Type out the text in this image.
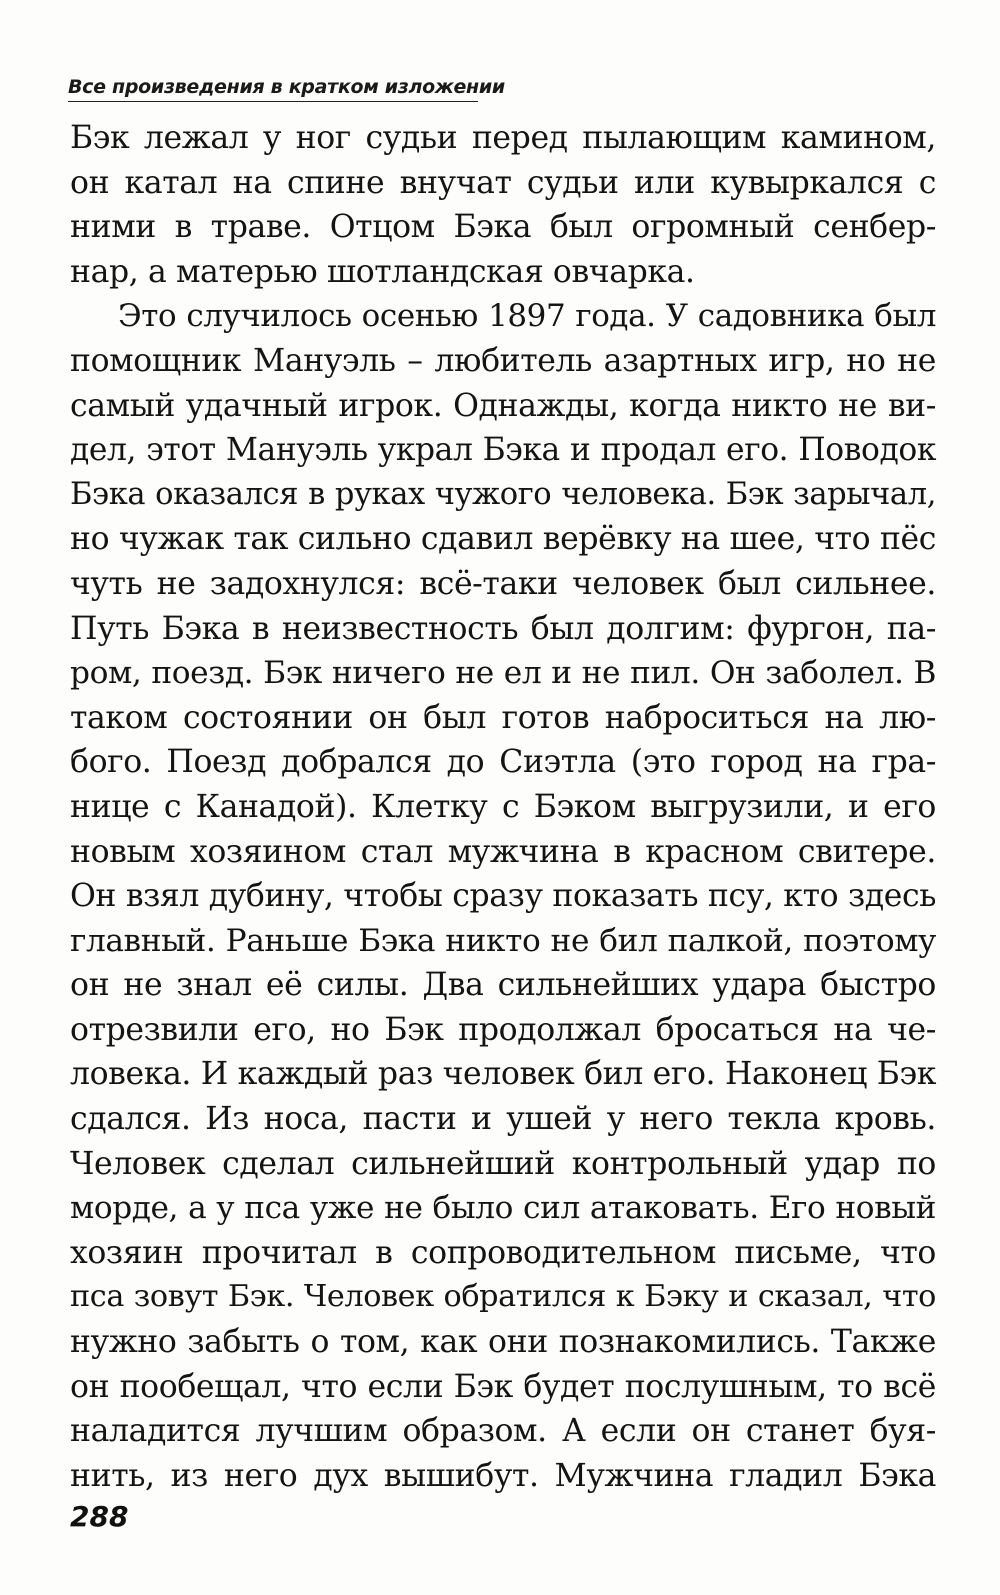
Все произведения в кратком изложении
Бэк лежал у ног судьи перед пылающим камином,
он катал на спине внучат судьи или кувыркался с
ними в траве. Отцом Бэка был огромный сенбер-
нар, а матерью шотландская овчарка.
Это случилось осенью 1897 года. У садовника был
помощник Мануэль – любитель азартных игр, но не
самый удачный игрок. Однажды, когда никто не ви-
дел, этот Мануэль украл Бэка и продал его. Поводок
Бэка оказался в руках чужого человека. Бэк зарычал,
но чужак так сильно сдавил верёвку на шее, что пёс
чуть не задохнулся: всё-таки человек был сильнее.
Путь Бэка в неизвестность был долгим: фургон, па-
ром, поезд. Бэк ничего не ел и не пил. Он заболел. В
таком состоянии он был готов наброситься на лю-
бого. Поезд добрался до Сиэтла (это город на гра-
нице с Канадой). Клетку с Бэком выгрузили, и его
новым хозяином стал мужчина в красном свитере.
Он взял дубину, чтобы сразу показать псу, кто здесь
главный. Раньше Бэка никто не бил палкой, поэтому
он не знал её силы. Два сильнейших удара быстро
отрезвили его, но Бэк продолжал бросаться на че-
ловека. И каждый раз человек бил его. Наконец Бэк
сдался. Из носа, пасти и ушей у него текла кровь.
Человек сделал сильнейший контрольный удар по
морде, а у пса уже не было сил атаковать. Его новый
хозяин прочитал в сопроводительном письме, что
пса зовут Бэк. Человек обратился к Бэку и сказал, что
нужно забыть о том, как они познакомились. Также
он пообещал, что если Бэк будет послушным, то всё
наладится лучшим образом. А если он станет буя-
нить, из него дух вышибут. Мужчина гладил Бэка
288
